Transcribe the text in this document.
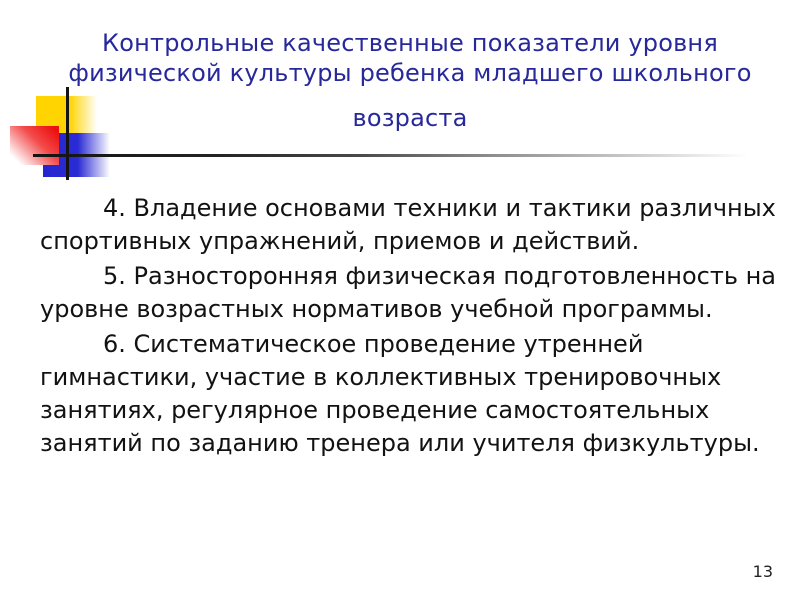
Контрольные качественные показатели уровня
физической культуры ребенка младшего школьного
возраста
4. Владение основами техники и тактики различных
спортивных упражнений, приемов и действий.
5. Разносторонняя физическая подготовленность на
уровне возрастных нормативов учебной программы.
6. Систематическое проведение утренней
гимнастики, участие в коллективных тренировочных
занятиях, регулярное проведение самостоятельных
занятий по заданию тренера или учителя физкультуры.
13
